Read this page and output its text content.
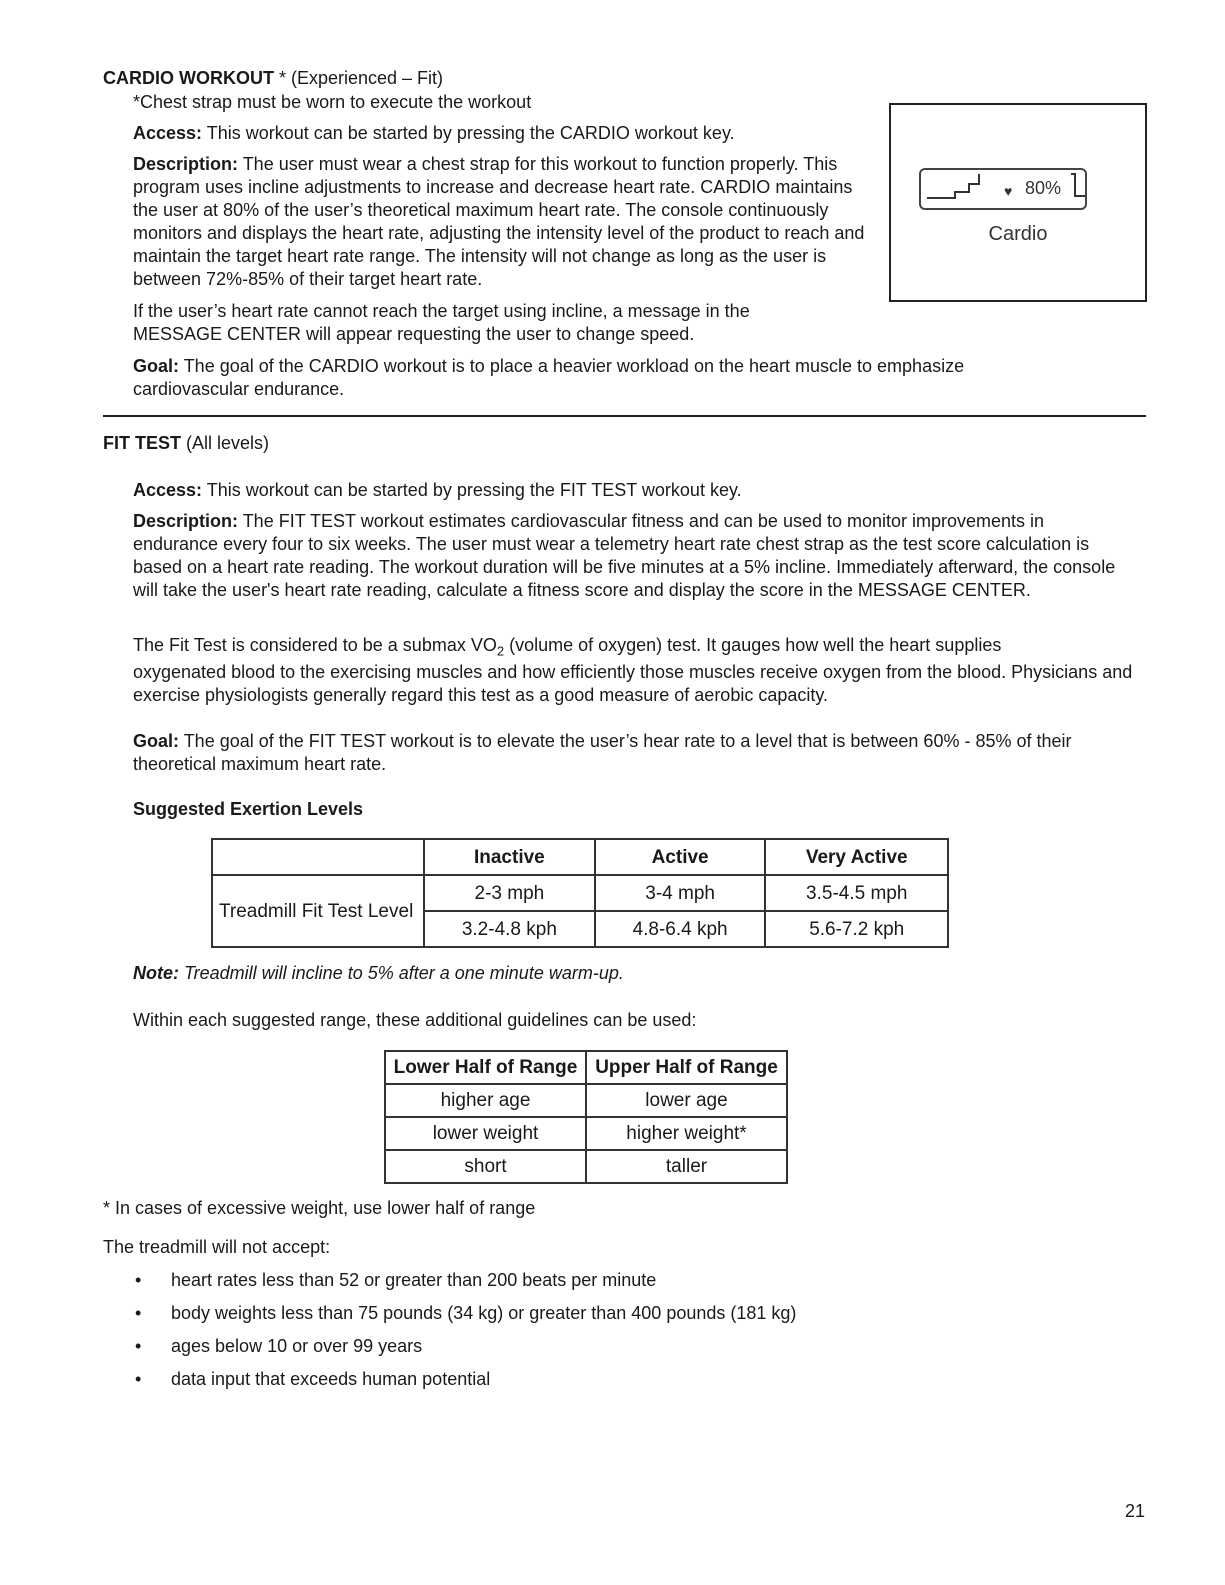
CARDIO WORKOUT * (Experienced – Fit)

*Chest strap must be worn to execute the workout

Access: This workout can be started by pressing the CARDIO workout key.

Description: The user must wear a chest strap for this workout to function properly. This program uses incline adjustments to increase and decrease heart rate. CARDIO maintains the user at 80% of the user’s theoretical maximum heart rate. The console continuously monitors and displays the heart rate, adjusting the intensity level of the product to reach and maintain the target heart rate range. The intensity will not change as long as the user is between 72%-85% of their target heart rate.

If the user’s heart rate cannot reach the target using incline, a message in the MESSAGE CENTER will appear requesting the user to change speed.

Goal: The goal of the CARDIO workout is to place a heavier workload on the heart muscle to emphasize cardiovascular endurance.

♥ 80%
Cardio

FIT TEST (All levels)

Access: This workout can be started by pressing the FIT TEST workout key.

Description: The FIT TEST workout estimates cardiovascular fitness and can be used to monitor improvements in endurance every four to six weeks. The user must wear a telemetry heart rate chest strap as the test score calculation is based on a heart rate reading. The workout duration will be five minutes at a 5% incline. Immediately afterward, the console will take the user's heart rate reading, calculate a fitness score and display the score in the MESSAGE CENTER.

The Fit Test is considered to be a submax $VO_2$ (volume of oxygen) test. It gauges how well the heart supplies

oxygenated blood to the exercising muscles and how efficiently those muscles receive oxygen from the blood. Physicians and exercise physiologists generally regard this test as a good measure of aerobic capacity.

Goal: The goal of the FIT TEST workout is to elevate the user’s hear rate to a level that is between 60% - 85% of their theoretical maximum heart rate.

Suggested Exertion Levels

	Inactive	Active	Very Active
Treadmill Fit Test Level	2-3 mph	3-4 mph	3.5-4.5 mph
	3.2-4.8 kph	4.8-6.4 kph	5.6-7.2 kph

Note: Treadmill will incline to 5% after a one minute warm-up.

Within each suggested range, these additional guidelines can be used:

Lower Half of Range	Upper Half of Range
higher age	lower age
lower weight	higher weight*
short	taller

* In cases of excessive weight, use lower half of range

The treadmill will not accept:

• heart rates less than 52 or greater than 200 beats per minute
• body weights less than 75 pounds (34 kg) or greater than 400 pounds (181 kg)
• ages below 10 or over 99 years
• data input that exceeds human potential

21
